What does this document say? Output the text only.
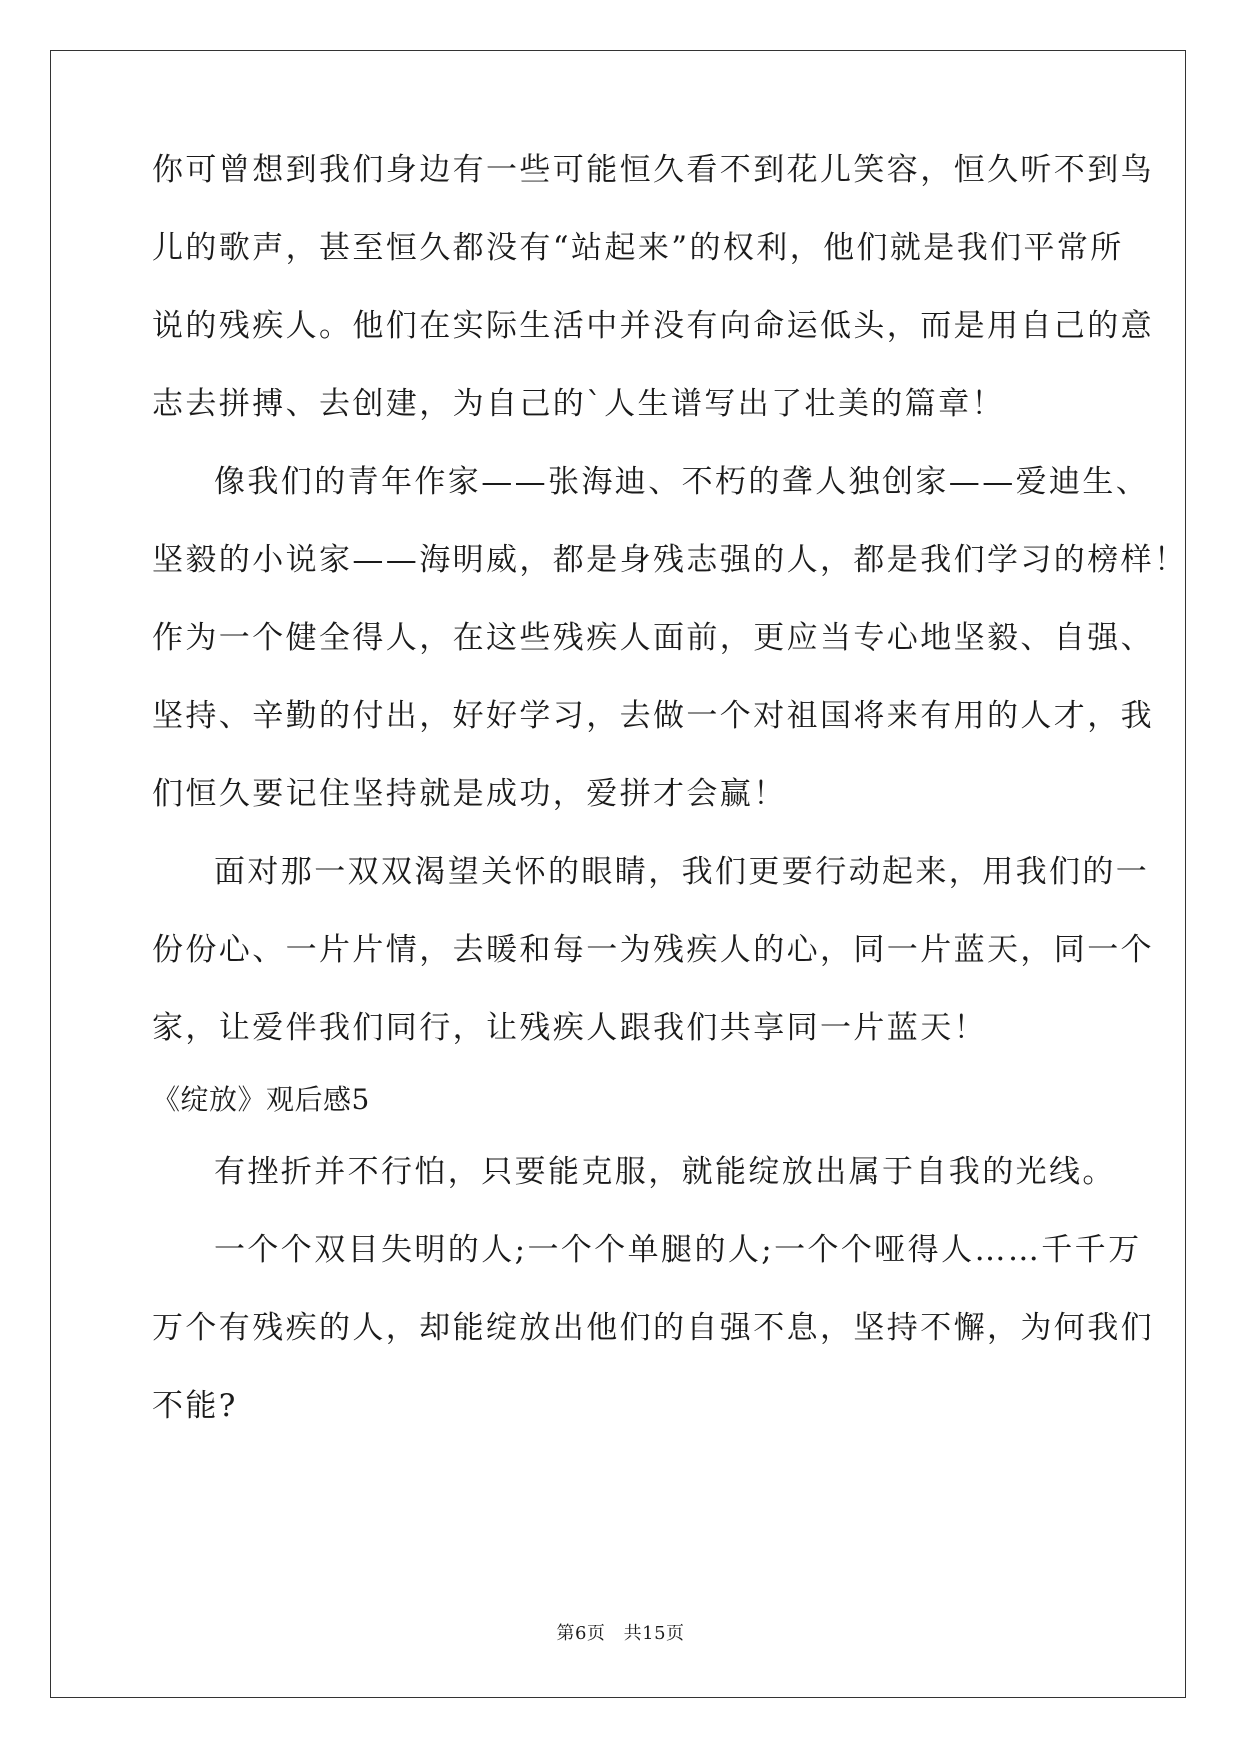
你可曾想到我们身边有一些可能恒久看不到花儿笑容，恒久听不到鸟
儿的歌声，甚至恒久都没有“站起来”的权利，他们就是我们平常所
说的残疾人。他们在实际生活中并没有向命运低头，而是用自己的意
志去拼搏、去创建，为自己的`人生谱写出了壮美的篇章！
像我们的青年作家——张海迪、不朽的聋人独创家——爱迪生、
坚毅的小说家——海明威，都是身残志强的人，都是我们学习的榜样！
作为一个健全得人，在这些残疾人面前，更应当专心地坚毅、自强、
坚持、辛勤的付出，好好学习，去做一个对祖国将来有用的人才，我
们恒久要记住坚持就是成功，爱拼才会赢！
面对那一双双渴望关怀的眼睛，我们更要行动起来，用我们的一
份份心、一片片情，去暖和每一为残疾人的心，同一片蓝天，同一个
家，让爱伴我们同行，让残疾人跟我们共享同一片蓝天！
《绽放》观后感5
有挫折并不行怕，只要能克服，就能绽放出属于自我的光线。
一个个双目失明的人;一个个单腿的人;一个个哑得人……千千万
万个有残疾的人，却能绽放出他们的自强不息，坚持不懈，为何我们
不能?
第6页 共15页
